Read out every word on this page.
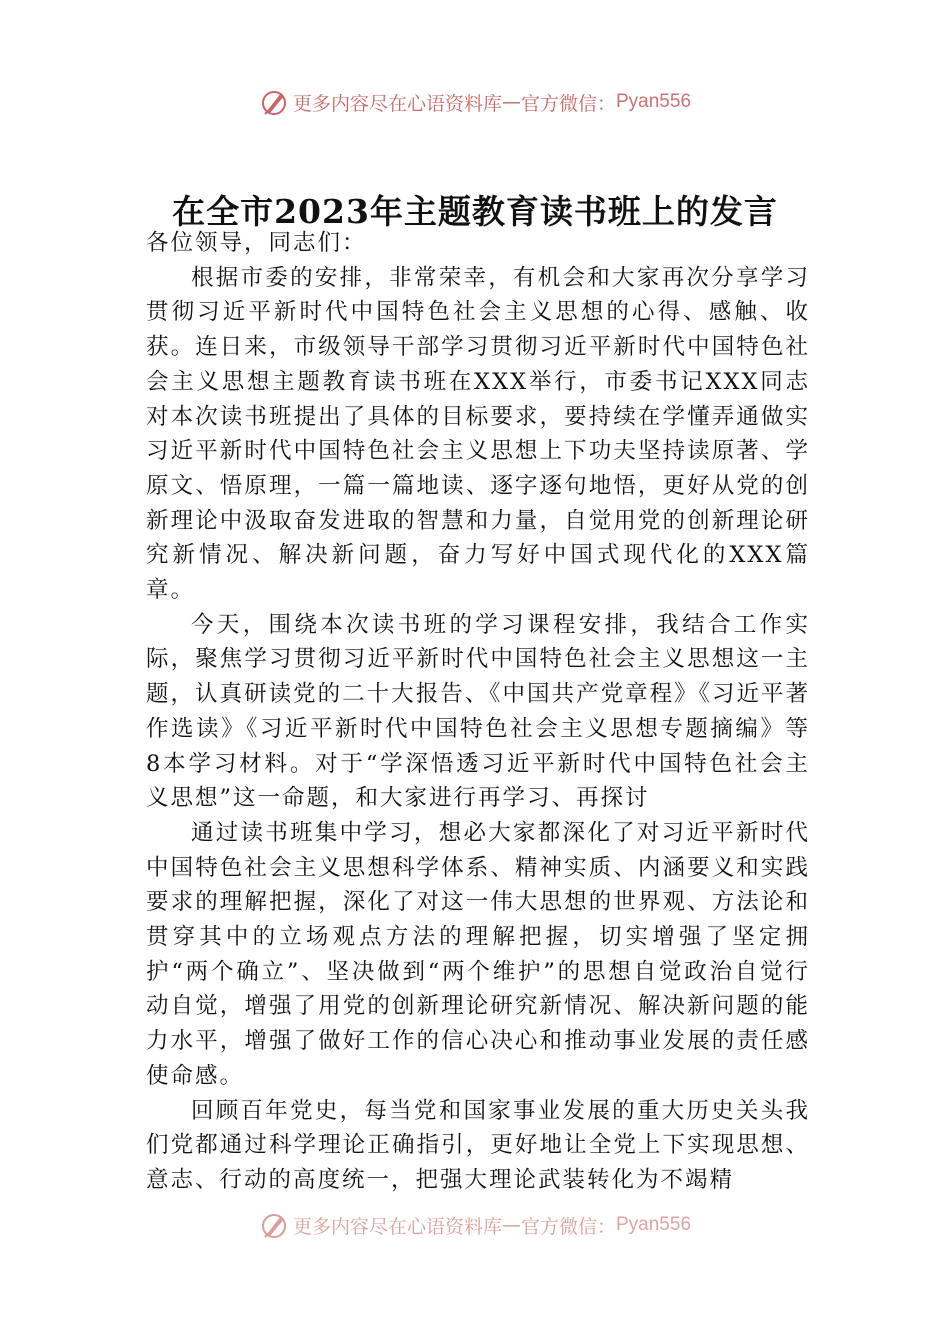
更多内容尽在心语资料库 — 官方微信： Pyan556
在全市2023年主题教育读书班上的发言

各位领导，同志们：

根据市委的安排，非常荣幸，有机会和大家再次分享学习贯彻习近平新时代中国特色社会主义思想的心得、感触、收获。连日来，市级领导干部学习贯彻习近平新时代中国特色社会主义思想主题教育读书班在XXX举行，市委书记XXX同志对本次读书班提出了具体的目标要求，要持续在学懂弄通做实习近平新时代中国特色社会主义思想上下功夫坚持读原著、学原文、悟原理，一篇一篇地读、逐字逐句地悟，更好从党的创新理论中汲取奋发进取的智慧和力量，自觉用党的创新理论研究新情况、解决新问题，奋力写好中国式现代化的XXX篇章。

今天，围绕本次读书班的学习课程安排，我结合工作实际，聚焦学习贯彻习近平新时代中国特色社会主义思想这一主题，认真研读党的二十大报告、《中国共产党章程》《习近平著作选读》《习近平新时代中国特色社会主义思想专题摘编》等8本学习材料。对于“学深悟透习近平新时代中国特色社会主义思想”这一命题，和大家进行再学习、再探讨

通过读书班集中学习，想必大家都深化了对习近平新时代中国特色社会主义思想科学体系、精神实质、内涵要义和实践要求的理解把握，深化了对这一伟大思想的世界观、方法论和贯穿其中的立场观点方法的理解把握，切实增强了坚定拥护“两个确立”、坚决做到“两个维护”的思想自觉政治自觉行动自觉，增强了用党的创新理论研究新情况、解决新问题的能力水平，增强了做好工作的信心决心和推动事业发展的责任感使命感。

回顾百年党史，每当党和国家事业发展的重大历史关头我们党都通过科学理论正确指引，更好地让全党上下实现思想、意志、行动的高度统一，把强大理论武装转化为不竭精

更多内容尽在心语资料库 — 官方微信： Pyan556
